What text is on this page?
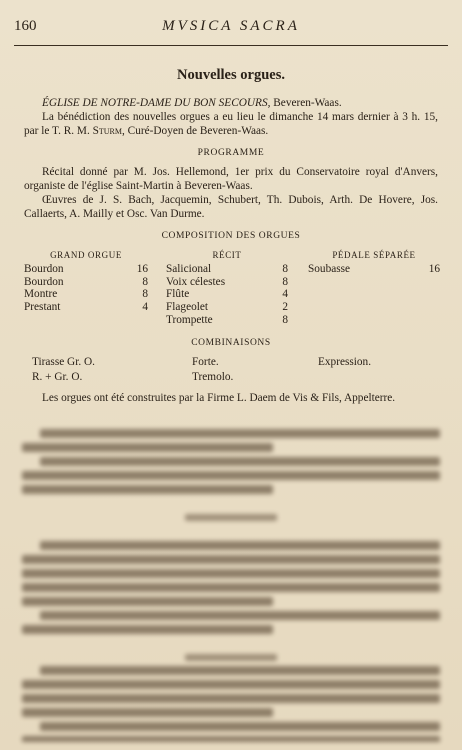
160	MVSICA SACRA
Nouvelles orgues.

ÉGLISE DE NOTRE-DAME DU BON SECOURS, Beveren-Waas.

La bénédiction des nouvelles orgues a eu lieu le dimanche 14 mars dernier à 3 h. 15, par le T. R. M. Sturm, Curé-Doyen de Beveren-Waas.

PROGRAMME

Récital donné par M. Jos. Hellemond, 1er prix du Conservatoire royal d'Anvers, organiste de l'église Saint-Martin à Beveren-Waas.

Œuvres de J. S. Bach, Jacquemin, Schubert, Th. Dubois, Arth. De Hovere, Jos. Callaerts, A. Mailly et Osc. Van Durme.

COMPOSITION DES ORGUES
GRAND ORGUE
Bourdon	16
Bourdon	8
Montre	8
Prestant	4
RÉCIT
Salicional	8
Voix célestes	8
Flûte	4
Flageolet	2
Trompette	8
PÉDALE SÉPARÉE
Soubasse	16
COMBINAISONS
Tirasse Gr. O.	Forte.	Expression.
R. + Gr. O.	Tremolo.

Les orgues ont été construites par la Firme L. Daem de Vis & Fils, Appelterre.
